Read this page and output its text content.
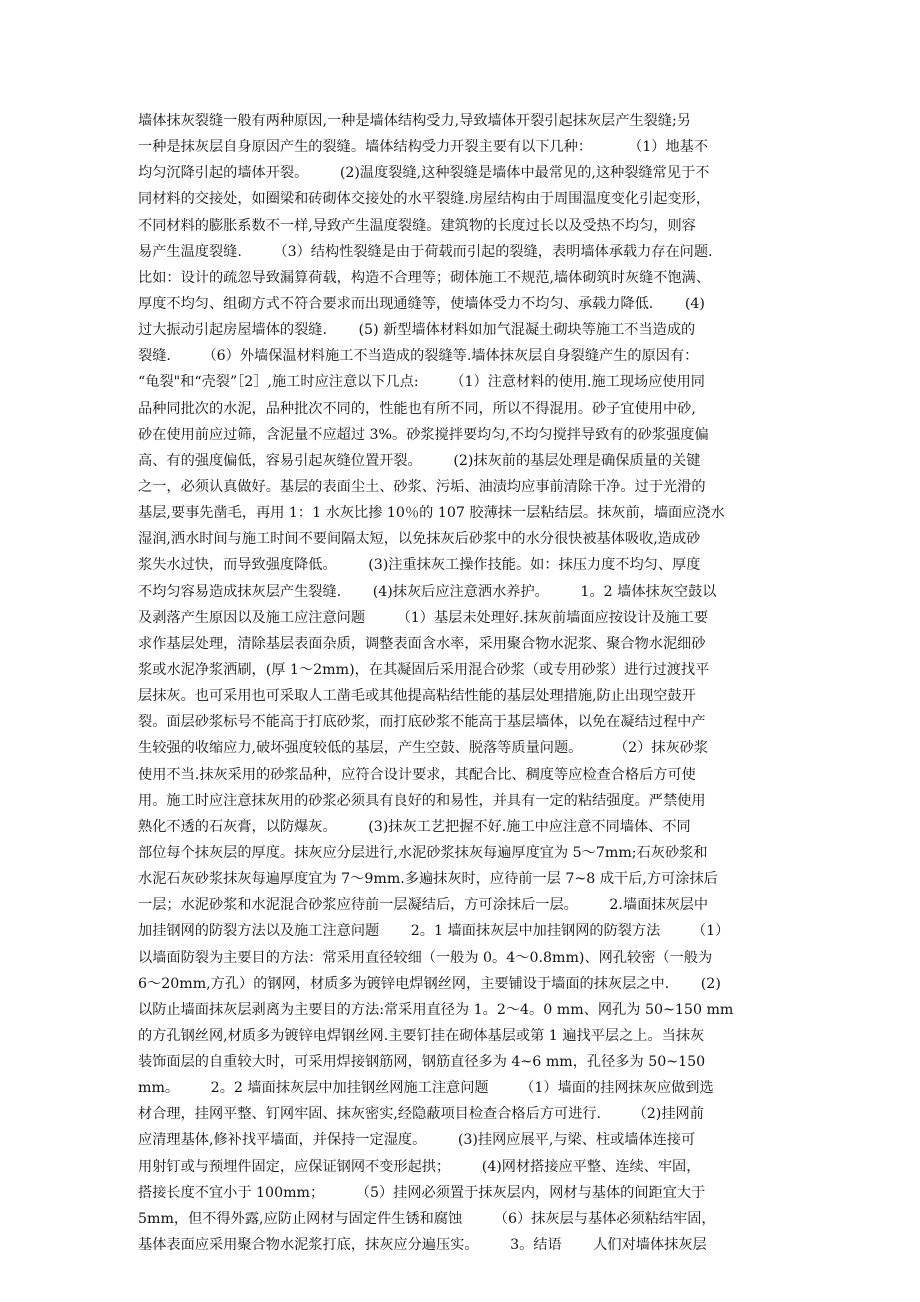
墙体抹灰裂缝一般有两种原因,一种是墙体结构受力,导致墙体开裂引起抹灰层产生裂缝;另
一种是抹灰层自身原因产生的裂缝。墙体结构受力开裂主要有以下几种：        （1）地基不
均匀沉降引起的墙体开裂。       (2)温度裂缝,这种裂缝是墙体中最常见的,这种裂缝常见于不
同材料的交接处，如圈梁和砖砌体交接处的水平裂缝.房屋结构由于周围温度变化引起变形，
不同材料的膨胀系数不一样,导致产生温度裂缝。建筑物的长度过长以及受热不均匀，则容
易产生温度裂缝.       （3）结构性裂缝是由于荷载而引起的裂缝，表明墙体承载力存在问题.
比如：设计的疏忽导致漏算荷载，构造不合理等；砌体施工不规范,墙体砌筑时灰缝不饱满、
厚度不均匀、组砌方式不符合要求而出现通缝等，使墙体受力不均匀、承载力降低.       (4)
过大振动引起房屋墙体的裂缝.       (5) 新型墙体材料如加气混凝土砌块等施工不当造成的
裂缝.       （6）外墙保温材料施工不当造成的裂缝等.墙体抹灰层自身裂缝产生的原因有：
“龟裂"和“壳裂”［2］,施工时应注意以下几点:       （1）注意材料的使用.施工现场应使用同
品种同批次的水泥，品种批次不同的，性能也有所不同，所以不得混用。砂子宜使用中砂,
砂在使用前应过筛，含泥量不应超过 3%。砂浆搅拌要均匀,不均匀搅拌导致有的砂浆强度偏
高、有的强度偏低，容易引起灰缝位置开裂。       (2)抹灰前的基层处理是确保质量的关键
之一，必须认真做好。基层的表面尘土、砂浆、污垢、油渍均应事前清除干净。过于光滑的
基层,要事先凿毛，再用 1：1 水灰比掺 10％的 107 胶薄抹一层粘结层。抹灰前，墙面应浇水
湿润,洒水时间与施工时间不要间隔太短，以免抹灰后砂浆中的水分很快被基体吸收,造成砂
浆失水过快，而导致强度降低。       (3)注重抹灰工操作技能。如：抹压力度不均匀、厚度
不均匀容易造成抹灰层产生裂缝.       (4)抹灰后应注意洒水养护。       1。2 墙体抹灰空鼓以
及剥落产生原因以及施工应注意问题       （1）基层未处理好.抹灰前墙面应按设计及施工要
求作基层处理，清除基层表面杂质，调整表面含水率，采用聚合物水泥浆、聚合物水泥细砂
浆或水泥净浆洒刷，(厚 1～2mm)，在其凝固后采用混合砂浆（或专用砂浆）进行过渡找平
层抹灰。也可采用也可采取人工凿毛或其他提高粘结性能的基层处理措施,防止出现空鼓开
裂。面层砂浆标号不能高于打底砂浆，而打底砂浆不能高于基层墙体，以免在凝结过程中产
生较强的收缩应力,破坏强度较低的基层，产生空鼓、脱落等质量问题。       （2）抹灰砂浆
使用不当.抹灰采用的砂浆品种，应符合设计要求，其配合比、稠度等应检查合格后方可使
用。施工时应注意抹灰用的砂浆必须具有良好的和易性，并具有一定的粘结强度。严禁使用
熟化不透的石灰膏，以防爆灰。       (3)抹灰工艺把握不好.施工中应注意不同墙体、不同
部位每个抹灰层的厚度。抹灰应分层进行,水泥砂浆抹灰每遍厚度宜为 5～7mm;石灰砂浆和
水泥石灰砂浆抹灰每遍厚度宜为 7～9mm.多遍抹灰时，应待前一层 7~8 成干后,方可涂抹后
一层；水泥砂浆和水泥混合砂浆应待前一层凝结后，方可涂抹后一层。       2.墙面抹灰层中
加挂钢网的防裂方法以及施工注意问题       2。1 墙面抹灰层中加挂钢网的防裂方法       （1）
以墙面防裂为主要目的方法：常采用直径较细（一般为 0。4～0.8mm)、网孔较密（一般为
6～20mm,方孔）的钢网，材质多为镀锌电焊钢丝网，主要铺设于墙面的抹灰层之中.       (2)
以防止墙面抹灰层剥离为主要目的方法:常采用直径为 1。2～4。0 mm、网孔为 50~150 mm
的方孔钢丝网,材质多为镀锌电焊钢丝网.主要钉挂在砌体基层或第 1 遍找平层之上。当抹灰
装饰面层的自重较大时，可采用焊接钢筋网，钢筋直径多为 4~6 mm，孔径多为 50~150
mm。       2。2 墙面抹灰层中加挂钢丝网施工注意问题       （1）墙面的挂网抹灰应做到选
材合理，挂网平整、钉网牢固、抹灰密实,经隐蔽项目检查合格后方可进行.       （2)挂网前
应清理基体,修补找平墙面，并保持一定湿度。       (3)挂网应展平,与梁、柱或墙体连接可
用射钉或与预埋件固定，应保证钢网不变形起拱；       (4)网材搭接应平整、连续、牢固，
搭接长度不宜小于 100mm；       （5）挂网必须置于抹灰层内，网材与基体的间距宜大于
5mm，但不得外露,应防止网材与固定件生锈和腐蚀       （6）抹灰层与基体必须粘结牢固，
基体表面应采用聚合物水泥浆打底，抹灰应分遍压实。       3。结语       人们对墙体抹灰层
